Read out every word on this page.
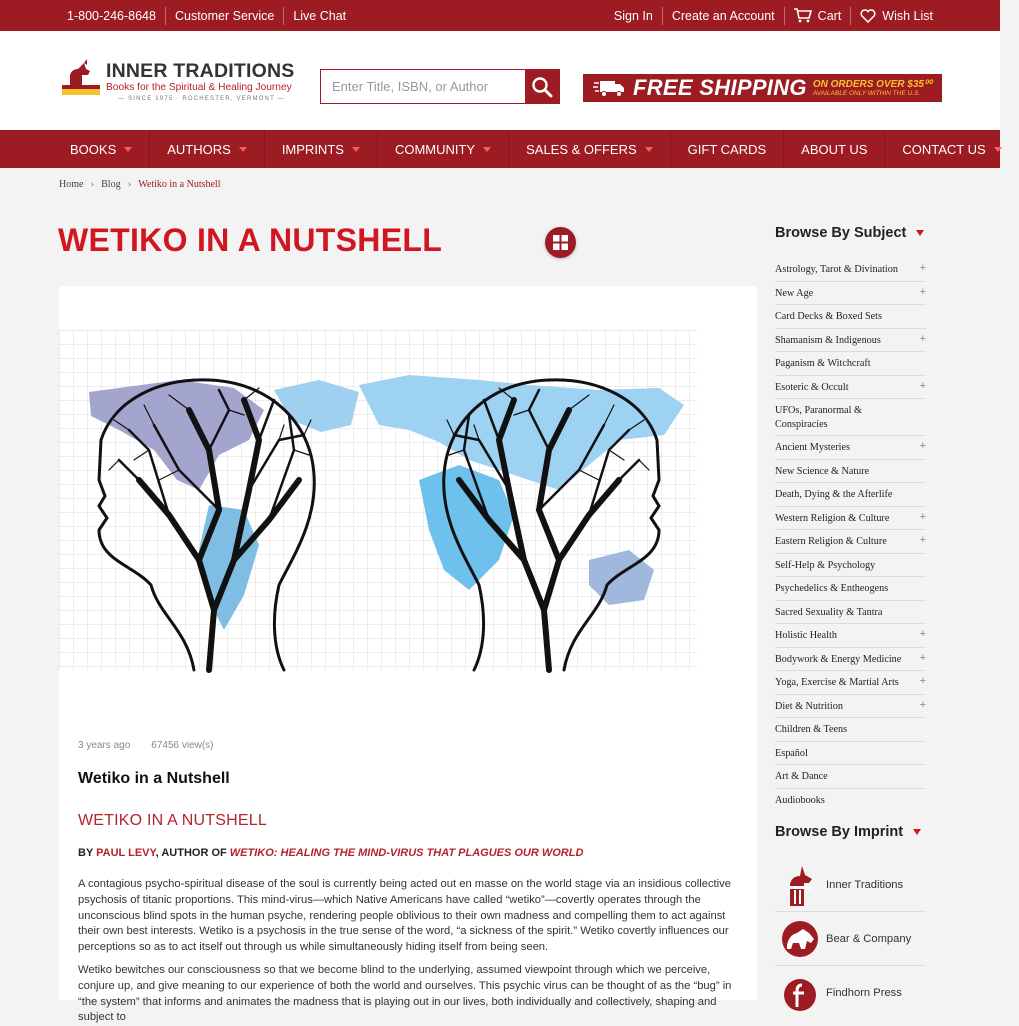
1-800-246-8648	Customer Service	Live Chat	Sign In	Create an Account	Cart	Wish List
INNER TRADITIONS
Books for the Spiritual & Healing Journey
— SINCE 1975 · ROCHESTER, VERMONT —
Enter Title, ISBN, or Author	FREE SHIPPING ON ORDERS OVER $35⁰⁰
AVAILABLE ONLY WITHIN THE U.S.
BOOKS	AUTHORS	IMPRINTS	COMMUNITY	SALES & OFFERS	GIFT CARDS	ABOUT US	CONTACT US
Home › Blog › Wetiko in a Nutshell
WETIKO IN A NUTSHELL
3 years ago 67456 view(s)
Wetiko in a Nutshell
WETIKO IN A NUTSHELL
BY PAUL LEVY, AUTHOR OF WETIKO: HEALING THE MIND-VIRUS THAT PLAGUES OUR WORLD
A contagious psycho-spiritual disease of the soul is currently being acted out en masse on the world stage via an insidious collective psychosis of titanic proportions. This mind-virus—which Native Americans have called “wetiko”—covertly operates through the unconscious blind spots in the human psyche, rendering people oblivious to their own madness and compelling them to act against their own best interests. Wetiko is a psychosis in the true sense of the word, “a sickness of the spirit.” Wetiko covertly influences our perceptions so as to act itself out through us while simultaneously hiding itself from being seen.
Wetiko bewitches our consciousness so that we become blind to the underlying, assumed viewpoint through which we perceive, conjure up, and give meaning to our experience of both the world and ourselves. This psychic virus can be thought of as the “bug” in “the system” that informs and animates the madness that is playing out in our lives, both individually and collectively, shaping and subject to
Browse By Subject
Astrology, Tarot & Divination +
New Age	+
Card Decks & Boxed Sets
Shamanism & Indigenous	+
Paganism & Witchcraft
Esoteric & Occult	+
UFOs, Paranormal & Conspiracies
Ancient Mysteries	+
New Science & Nature
Death, Dying & the Afterlife
Western Religion & Culture	+
Eastern Religion & Culture	+
Self-Help & Psychology
Psychedelics & Entheogens
Sacred Sexuality & Tantra
Holistic Health	+
Bodywork & Energy Medicine +
Yoga, Exercise & Martial Arts +
Diet & Nutrition	+
Children & Teens
Español
Art & Dance
Audiobooks
Browse By Imprint
Inner Traditions
Bear & Company
Findhorn Press
